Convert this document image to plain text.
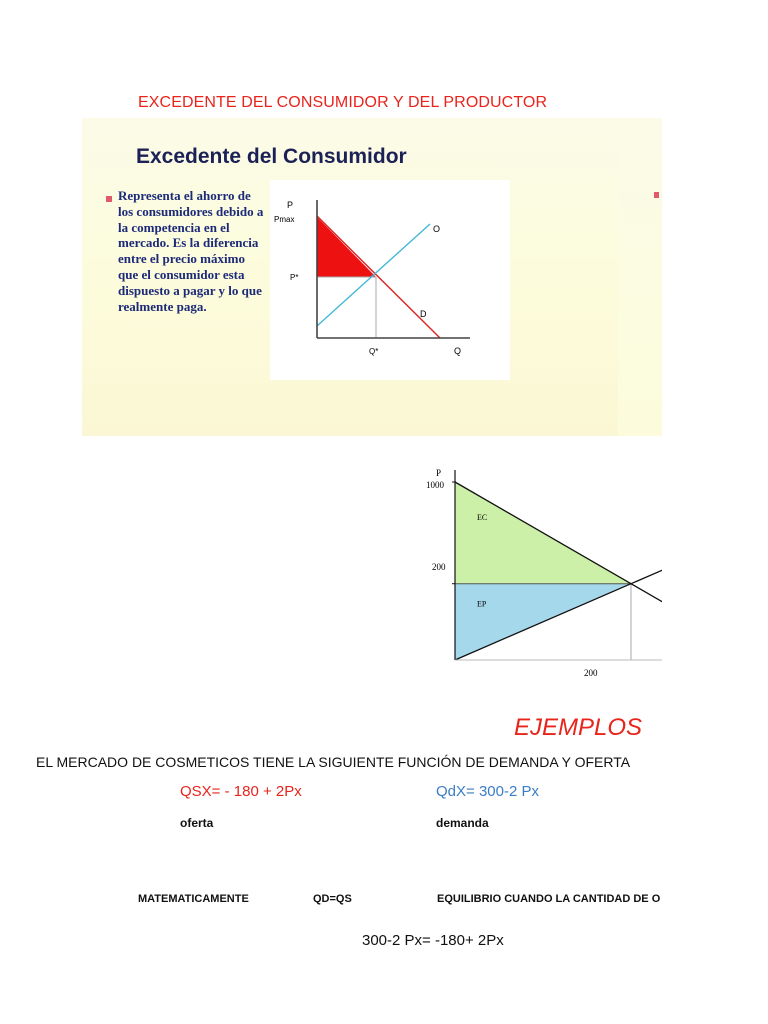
EXCEDENTE DEL CONSUMIDOR Y DEL PRODUCTOR
Excedente del Consumidor
Representa el ahorro de los consumidores debido a la competencia en el mercado. Es la diferencia entre el precio máximo que el consumidor esta dispuesto a pagar y lo que realmente paga.
P
Pmax
P*
O
D
Q*	Q
P
1000
200
200
EC
EP
EJEMPLOS
EL MERCADO DE COSMETICOS TIENE LA SIGUIENTE FUNCIÓN DE DEMANDA Y OFERTA
QSX= - 180 + 2Px	QdX= 300-2 Px
oferta	demanda
MATEMATICAMENTE	QD=QS	EQUILIBRIO CUANDO LA CANTIDAD DE O
300-2 Px= -180+ 2Px
